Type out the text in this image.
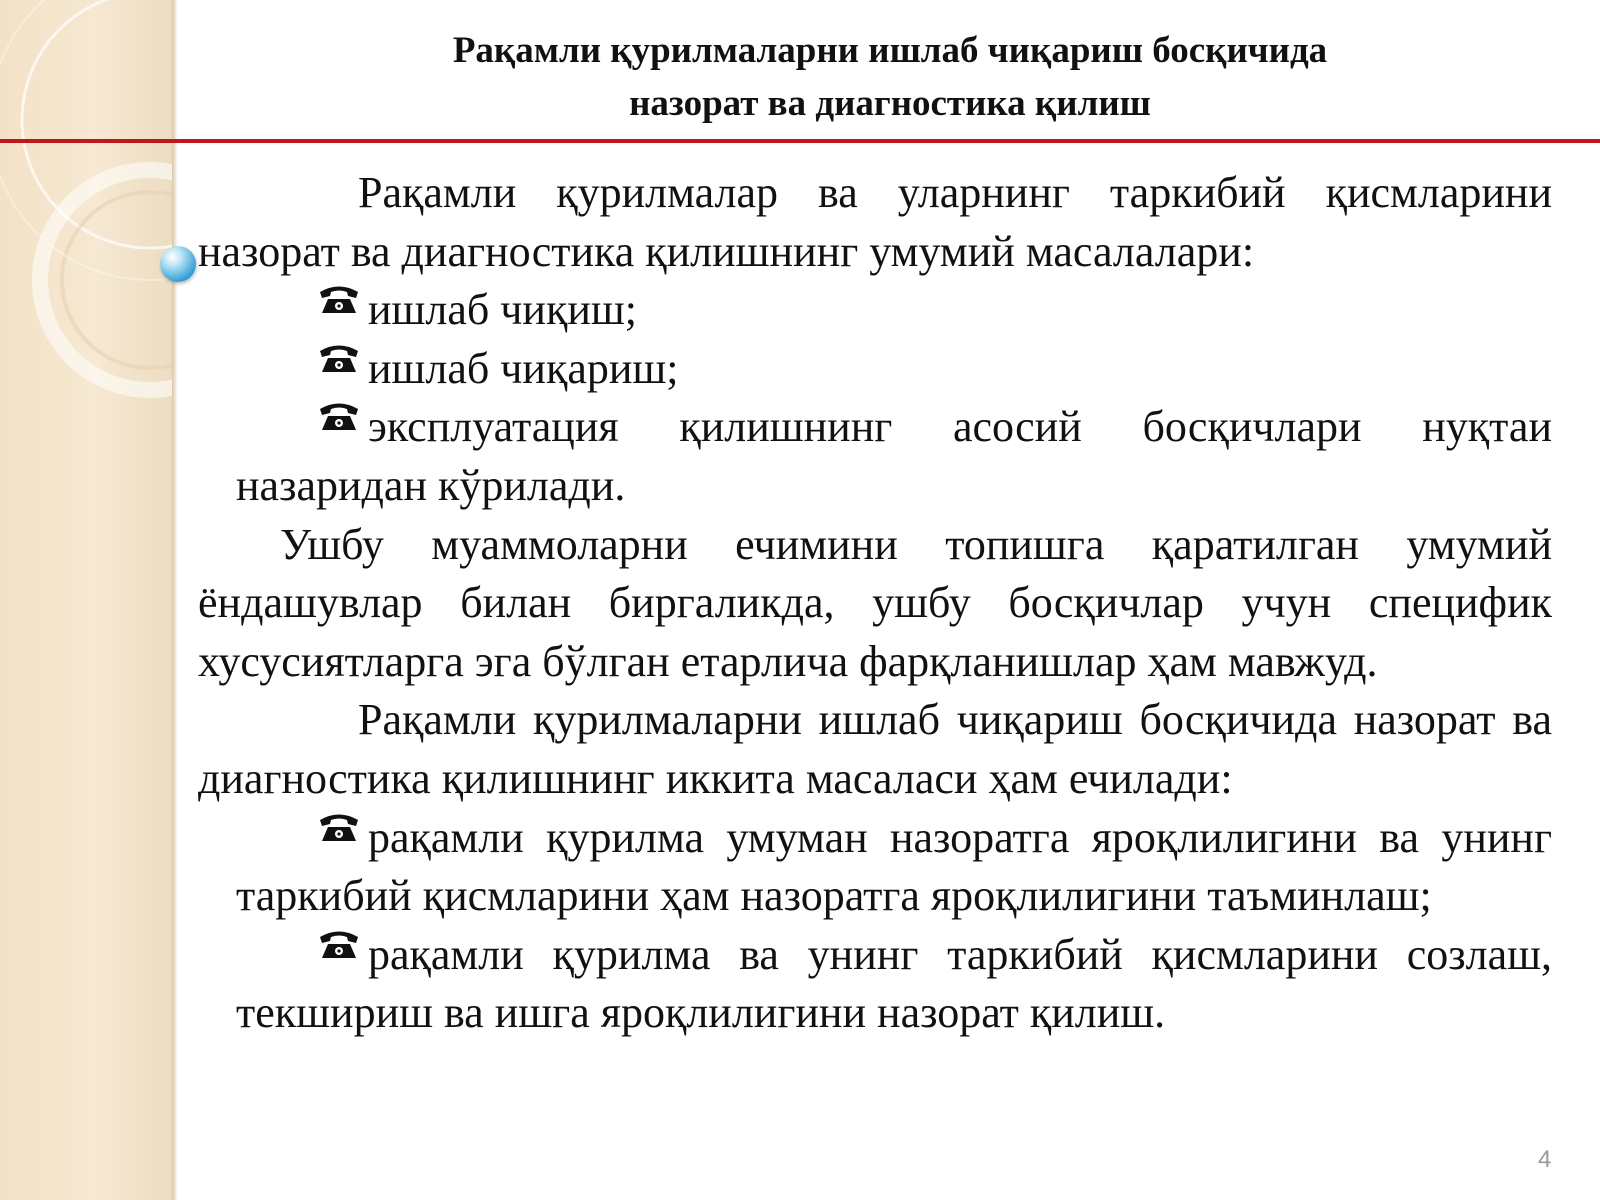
Рақамли қурилмаларни ишлаб чиқариш босқичида
назорат ва диагностика қилиш

Рақамли қурилмалар ва уларнинг таркибий қисмларини назорат ва диагностика қилишнинг умумий масалалари:

ишлаб чиқиш;

ишлаб чиқариш;

эксплуатация қилишнинг асосий босқичлари нуқтаи назаридан кўрилади.

Ушбу муаммоларни ечимини топишга қаратилган умумий ёндашувлар билан биргаликда, ушбу босқичлар учун специфик хусусиятларга эга бўлган етарлича фарқланишлар ҳам мавжуд.

Рақамли қурилмаларни ишлаб чиқариш босқичида назорат ва диагностика қилишнинг иккита масаласи ҳам ечилади:

рақамли қурилма умуман назоратга яроқлилигини ва унинг таркибий қисмларини ҳам назоратга яроқлилигини таъминлаш;

рақамли қурилма ва унинг таркибий қисмларини созлаш, текшириш ва ишга яроқлилигини назорат қилиш.

4
